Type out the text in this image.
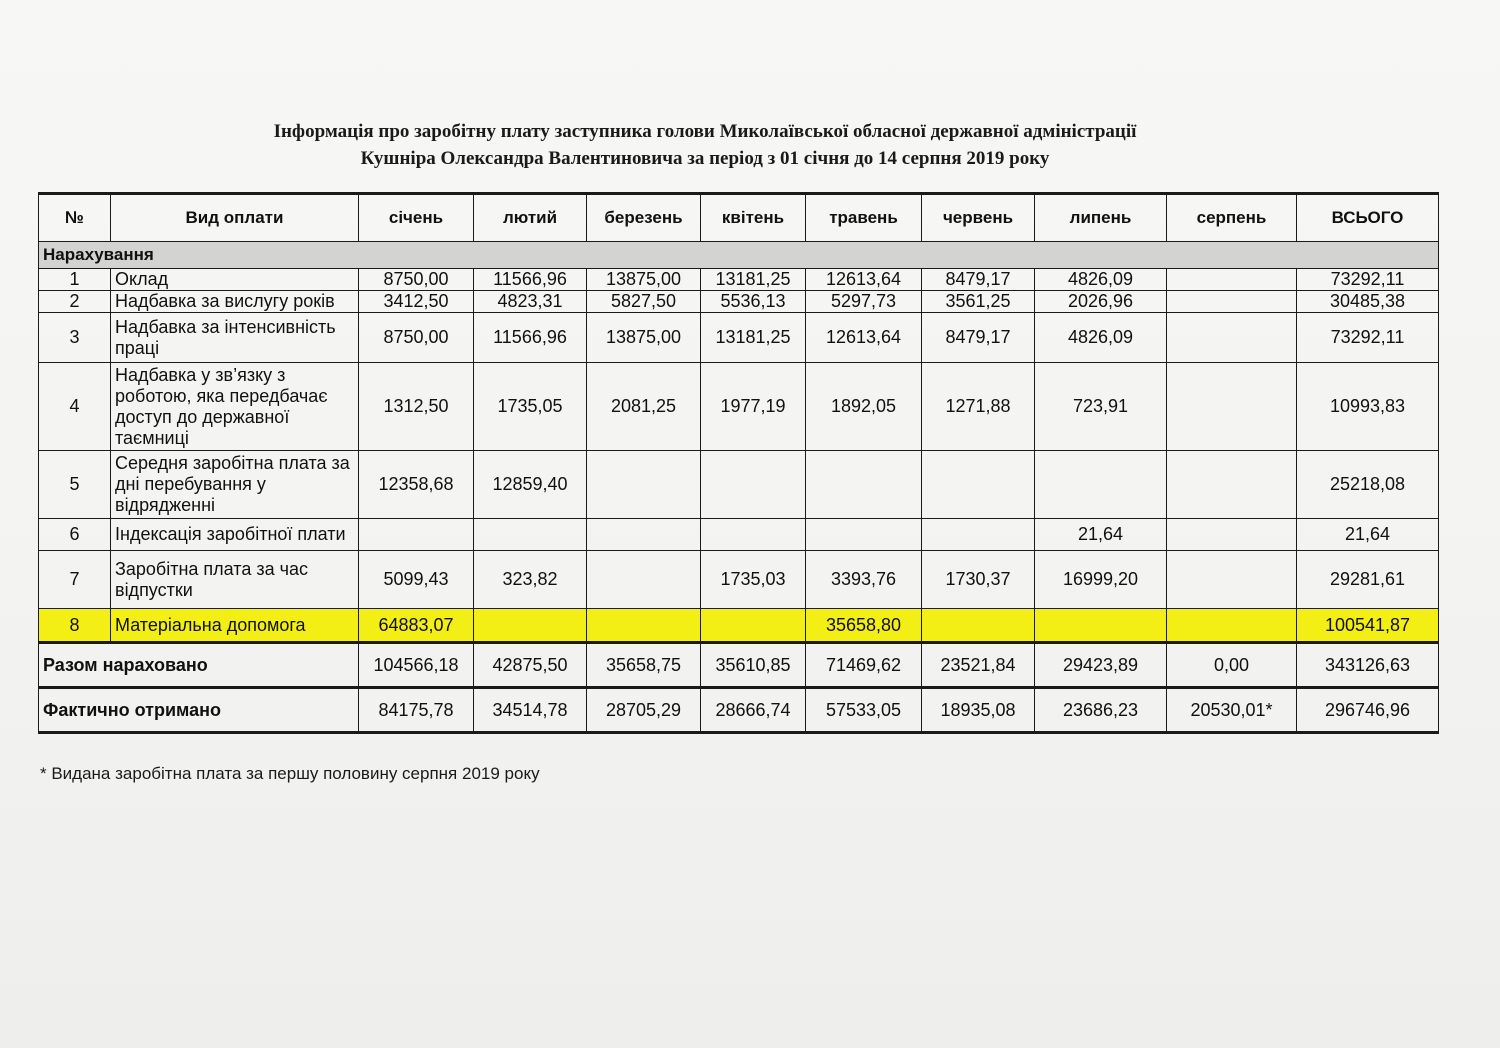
Інформація про заробітну плату заступника голови Миколаївської обласної державної адміністрації
Кушніра Олександра Валентиновича за період з 01 січня до 14 серпня 2019 року
№	Вид оплати	січень	лютий	березень	квітень	травень	червень	липень	серпень	ВСЬОГО
Нарахування										
1	Оклад	8750,00	11566,96	13875,00	13181,25	12613,64	8479,17	4826,09		73292,11
2	Надбавка за вислугу років	3412,50	4823,31	5827,50	5536,13	5297,73	3561,25	2026,96		30485,38
3	Надбавка за інтенсивність праці	8750,00	11566,96	13875,00	13181,25	12613,64	8479,17	4826,09		73292,11
4	Надбавка у зв’язку з роботою, яка передбачає доступ до державної таємниці	1312,50	1735,05	2081,25	1977,19	1892,05	1271,88	723,91		10993,83
5	Середня заробітна плата за дні перебування у відрядженні	12358,68	12859,40							25218,08
6	Індексація заробітної плати							21,64		21,64
7	Заробітна плата за час відпустки	5099,43	323,82		1735,03	3393,76	1730,37	16999,20		29281,61
8	Матеріальна допомога	64883,07				35658,80				100541,87
Разом нараховано		104566,18	42875,50	35658,75	35610,85	71469,62	23521,84	29423,89	0,00	343126,63
Фактично отримано		84175,78	34514,78	28705,29	28666,74	57533,05	18935,08	23686,23	20530,01*	296746,96
* Видана заробітна плата за першу половину серпня 2019 року
